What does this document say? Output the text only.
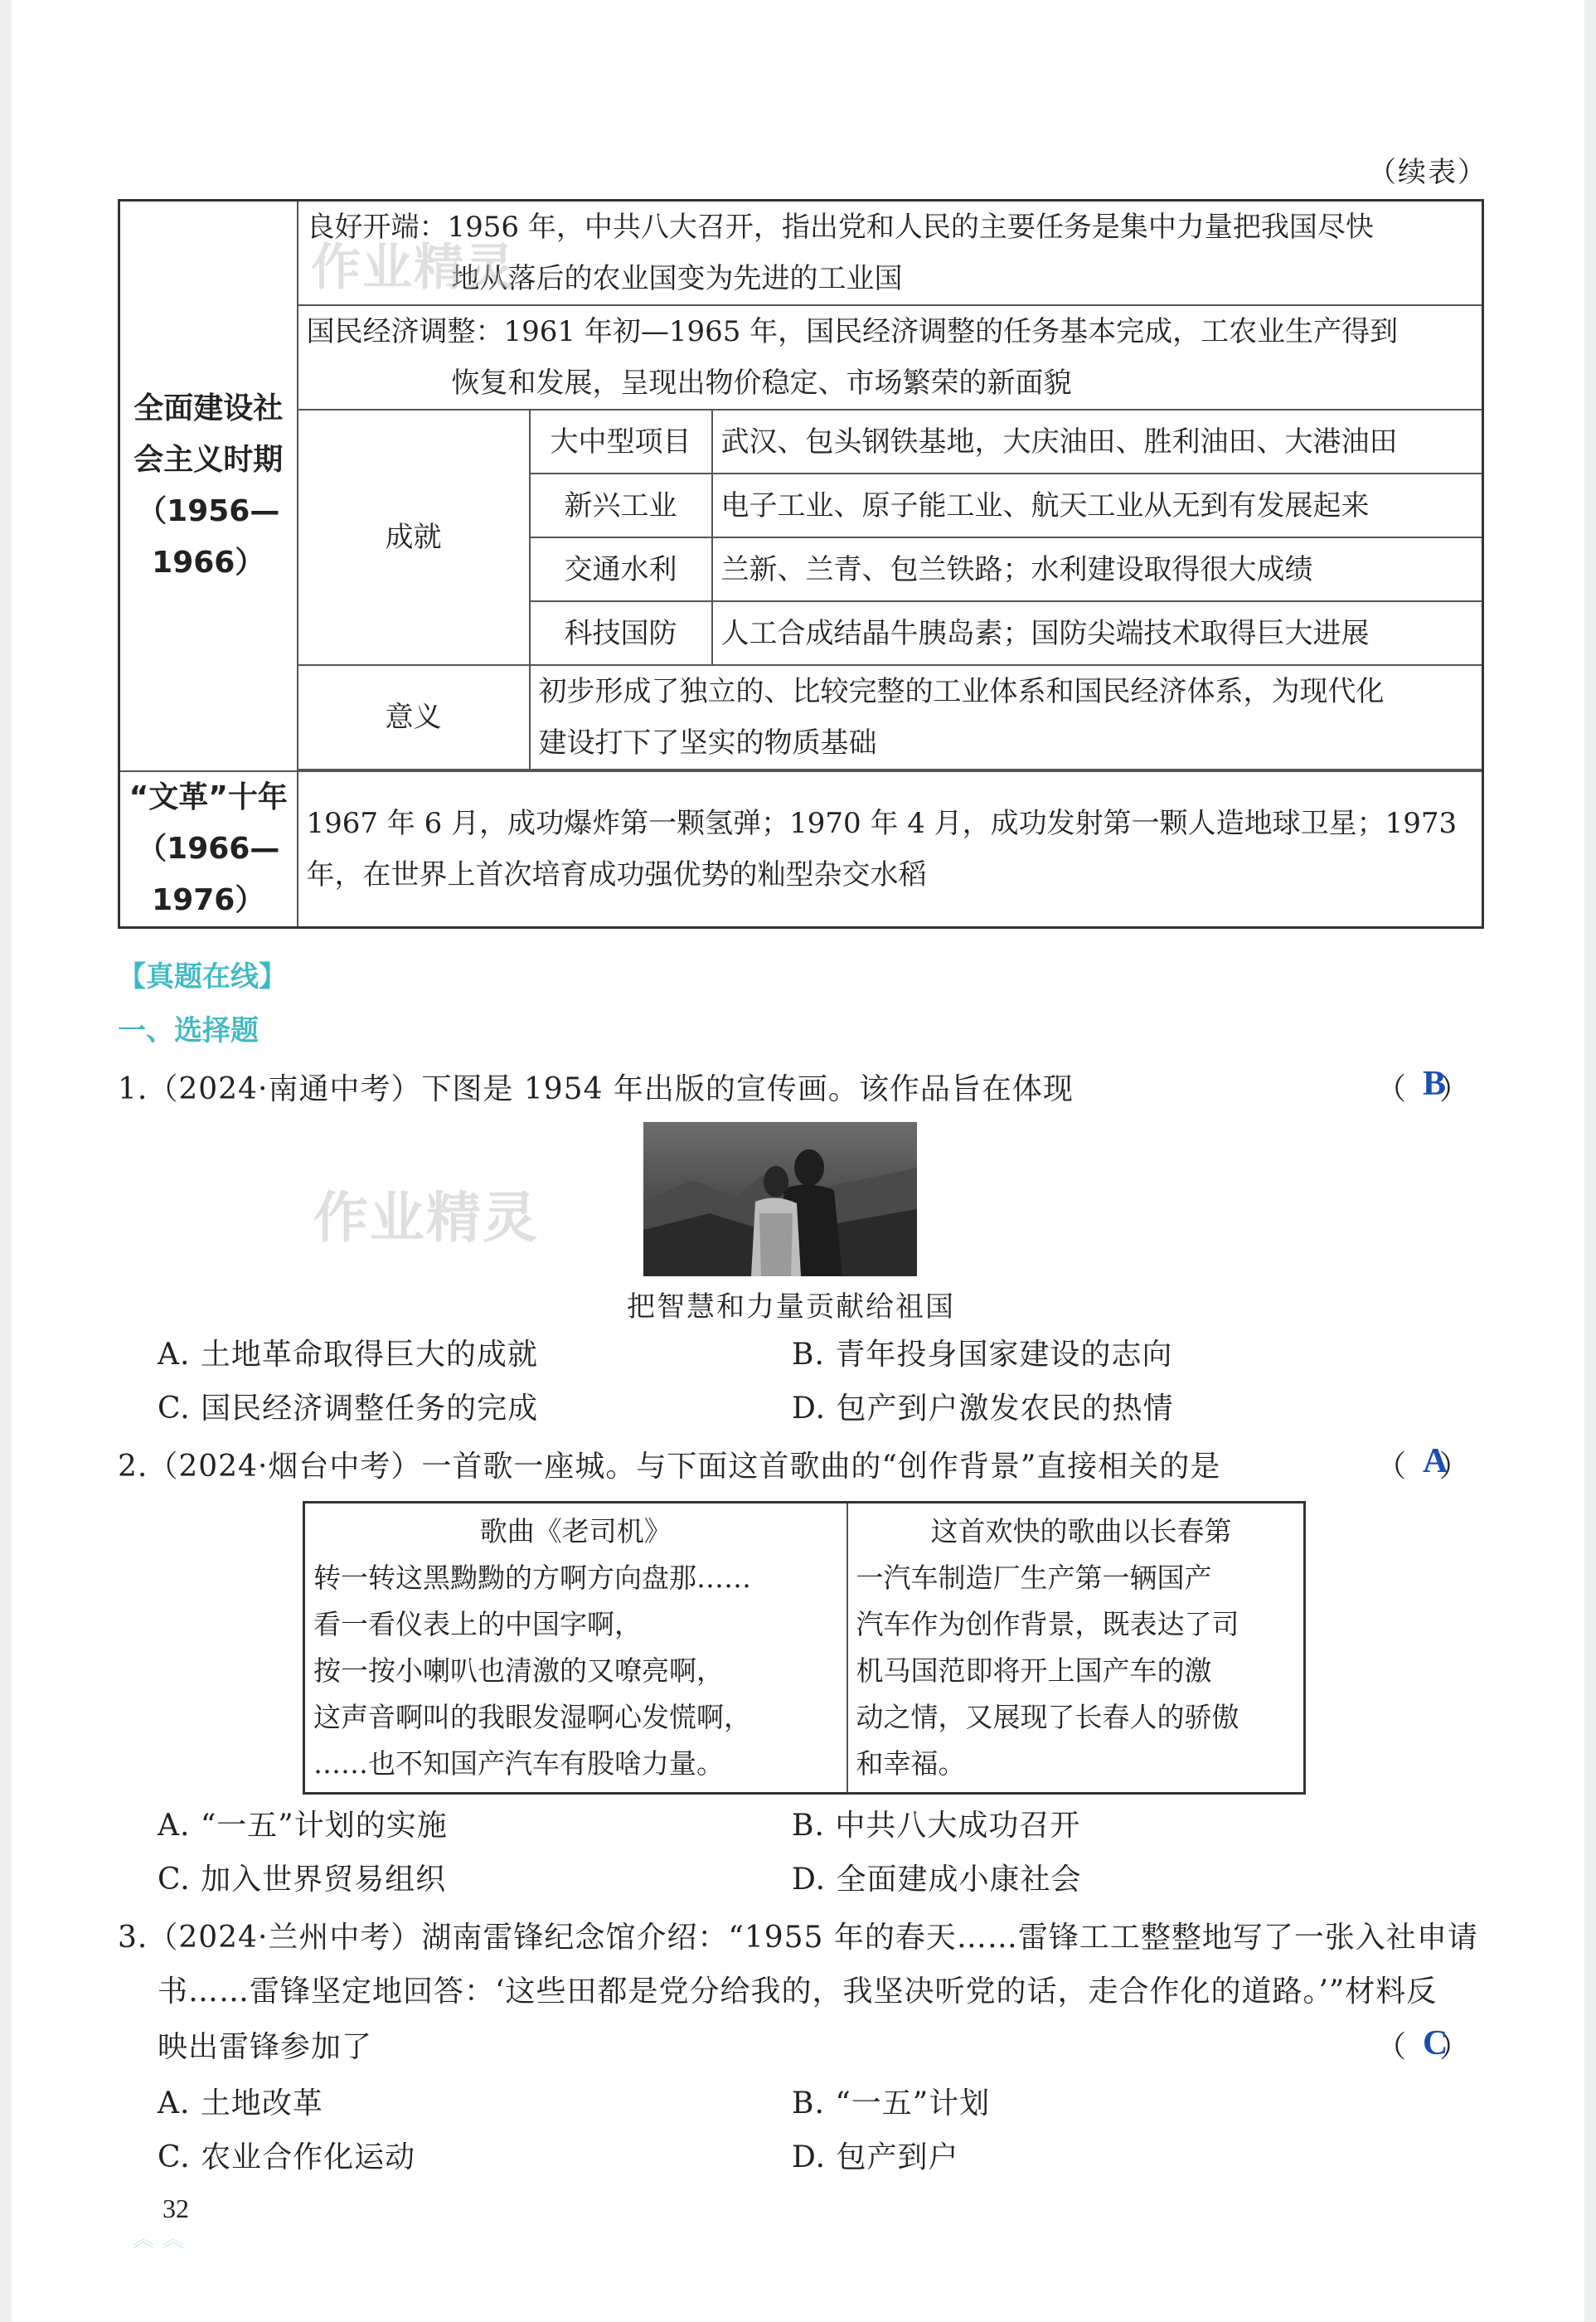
（续表）
全面建设社会主义时期
（1956—1966）	良好开端：1956 年，中共八大召开，指出党和人民的主要任务是集中力量把我国尽快
地从落后的农业国变为先进的工业国		

	国民经济调整：1961 年初—1965 年，国民经济调整的任务基本完成，工农业生产得到
恢复和发展，呈现出物价稳定、市场繁荣的新面貌		

	成就	大中型项目	武汉、包头钢铁基地，大庆油田、胜利油田、大港油田
		新兴工业	电子工业、原子能工业、航天工业从无到有发展起来
		交通水利	兰新、兰青、包兰铁路；水利建设取得很大成绩
		科技国防	人工合成结晶牛胰岛素；国防尖端技术取得巨大进展
	意义	初步形成了独立的、比较完整的工业体系和国民经济体系，为现代化
建设打下了坚实的物质基础	

“文革”十年
（1966—1976）	1967 年 6 月，成功爆炸第一颗氢弹；1970 年 4 月，成功发射第一颗人造地球卫星；1973
年，在世界上首次培育成功强优势的籼型杂交水稻		
【真题在线】
一、选择题
1.（2024·南通中考）下图是 1954 年出版的宣传画。该作品旨在体现	（ ）
B
把智慧和力量贡献给祖国
A. 土地革命取得巨大的成就	B. 青年投身国家建设的志向
C. 国民经济调整任务的完成	D. 包产到户激发农民的热情
2.（2024·烟台中考）一首歌一座城。与下面这首歌曲的“创作背景”直接相关的是	（ ）
A
歌曲《老司机》
转一转这黑黝黝的方啊方向盘那……
看一看仪表上的中国字啊，
按一按小喇叭也清激的又嘹亮啊，
这声音啊叫的我眼发湿啊心发慌啊，
……也不知国产汽车有股啥力量。

这首欢快的歌曲以长春第
一汽车制造厂生产第一辆国产
汽车作为创作背景，既表达了司
机马国范即将开上国产车的激
动之情，又展现了长春人的骄傲
和幸福。
A. “一五”计划的实施	B. 中共八大成功召开
C. 加入世界贸易组织	D. 全面建成小康社会
3.（2024·兰州中考）湖南雷锋纪念馆介绍：“1955 年的春天……雷锋工工整整地写了一张入社申请
书……雷锋坚定地回答：‘这些田都是党分给我的，我坚决听党的话，走合作化的道路。’”材料反
映出雷锋参加了	（ ）
C
A. 土地改革	B. “一五”计划
C. 农业合作化运动	D. 包产到户
32
︽︽
作业精灵
作业精灵
